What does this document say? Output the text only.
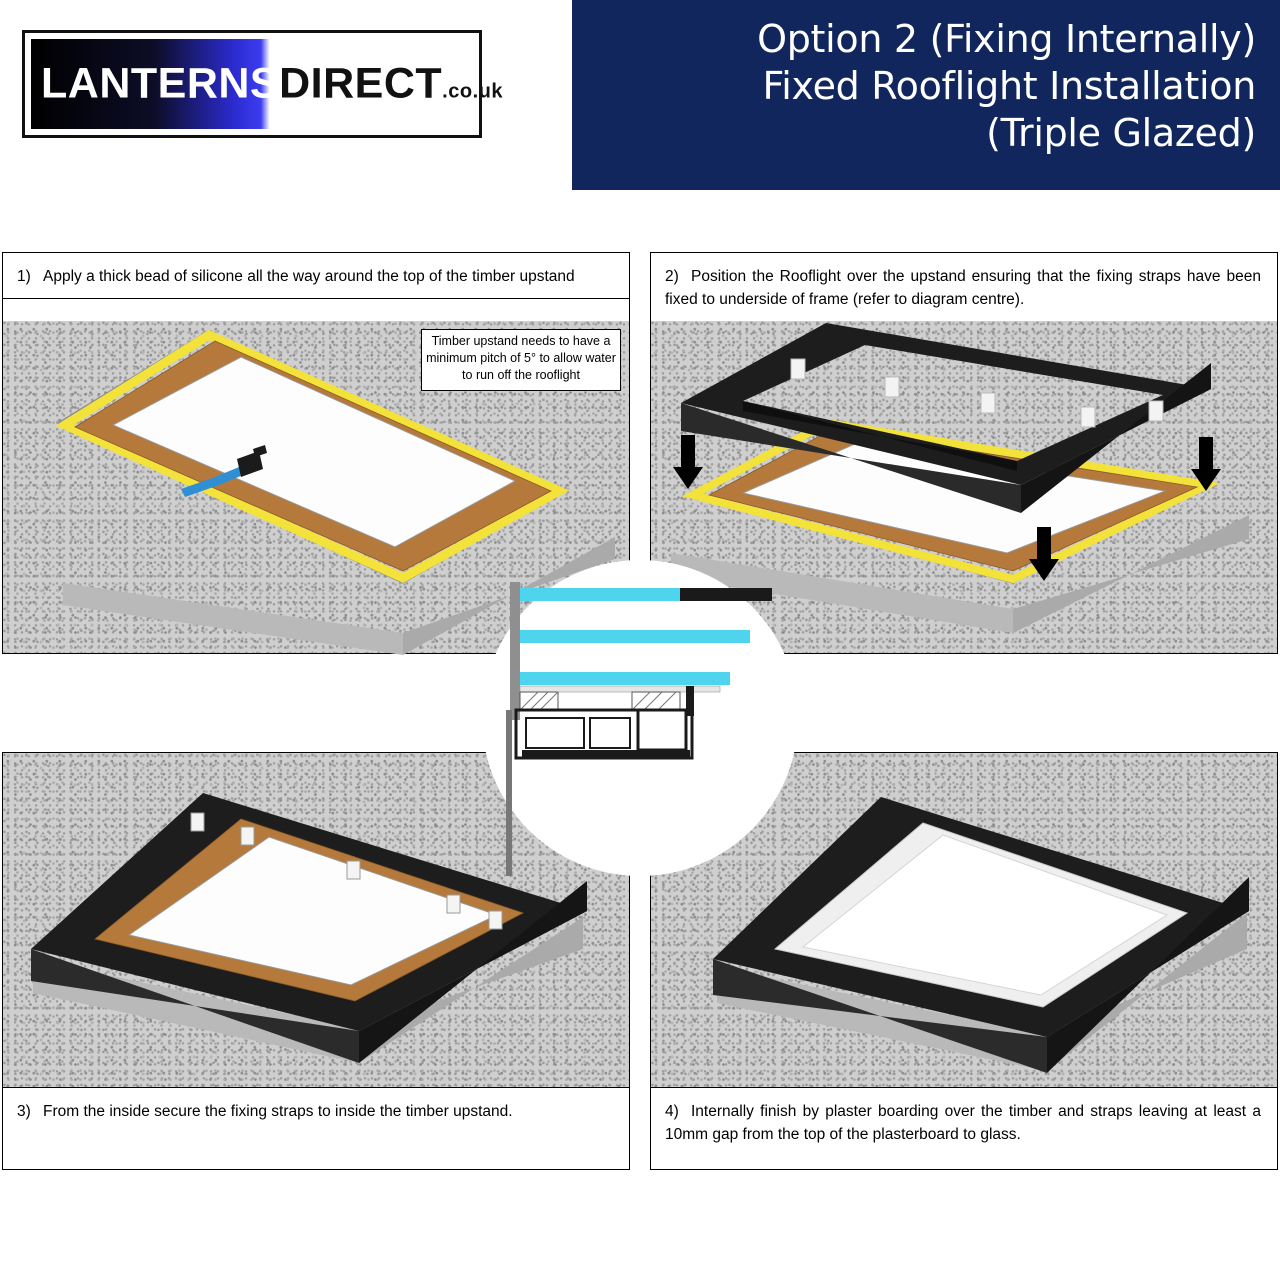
LANTERNSDIRECT.co.uk
Option 2 (Fixing Internally)
Fixed Rooflight Installation
(Triple Glazed)
1) Apply a thick bead of silicone all the way around the top of the timber upstand
Timber upstand needs to have a minimum pitch of 5° to allow water to run off the rooflight
2) Position the Rooflight over the upstand ensuring that the fixing straps have been fixed to underside of frame (refer to diagram centre).
3) From the inside secure the fixing straps to inside the timber upstand.	4) Internally finish by plaster boarding over the timber and straps leaving at least a 10mm gap from the top of the plasterboard to glass.
